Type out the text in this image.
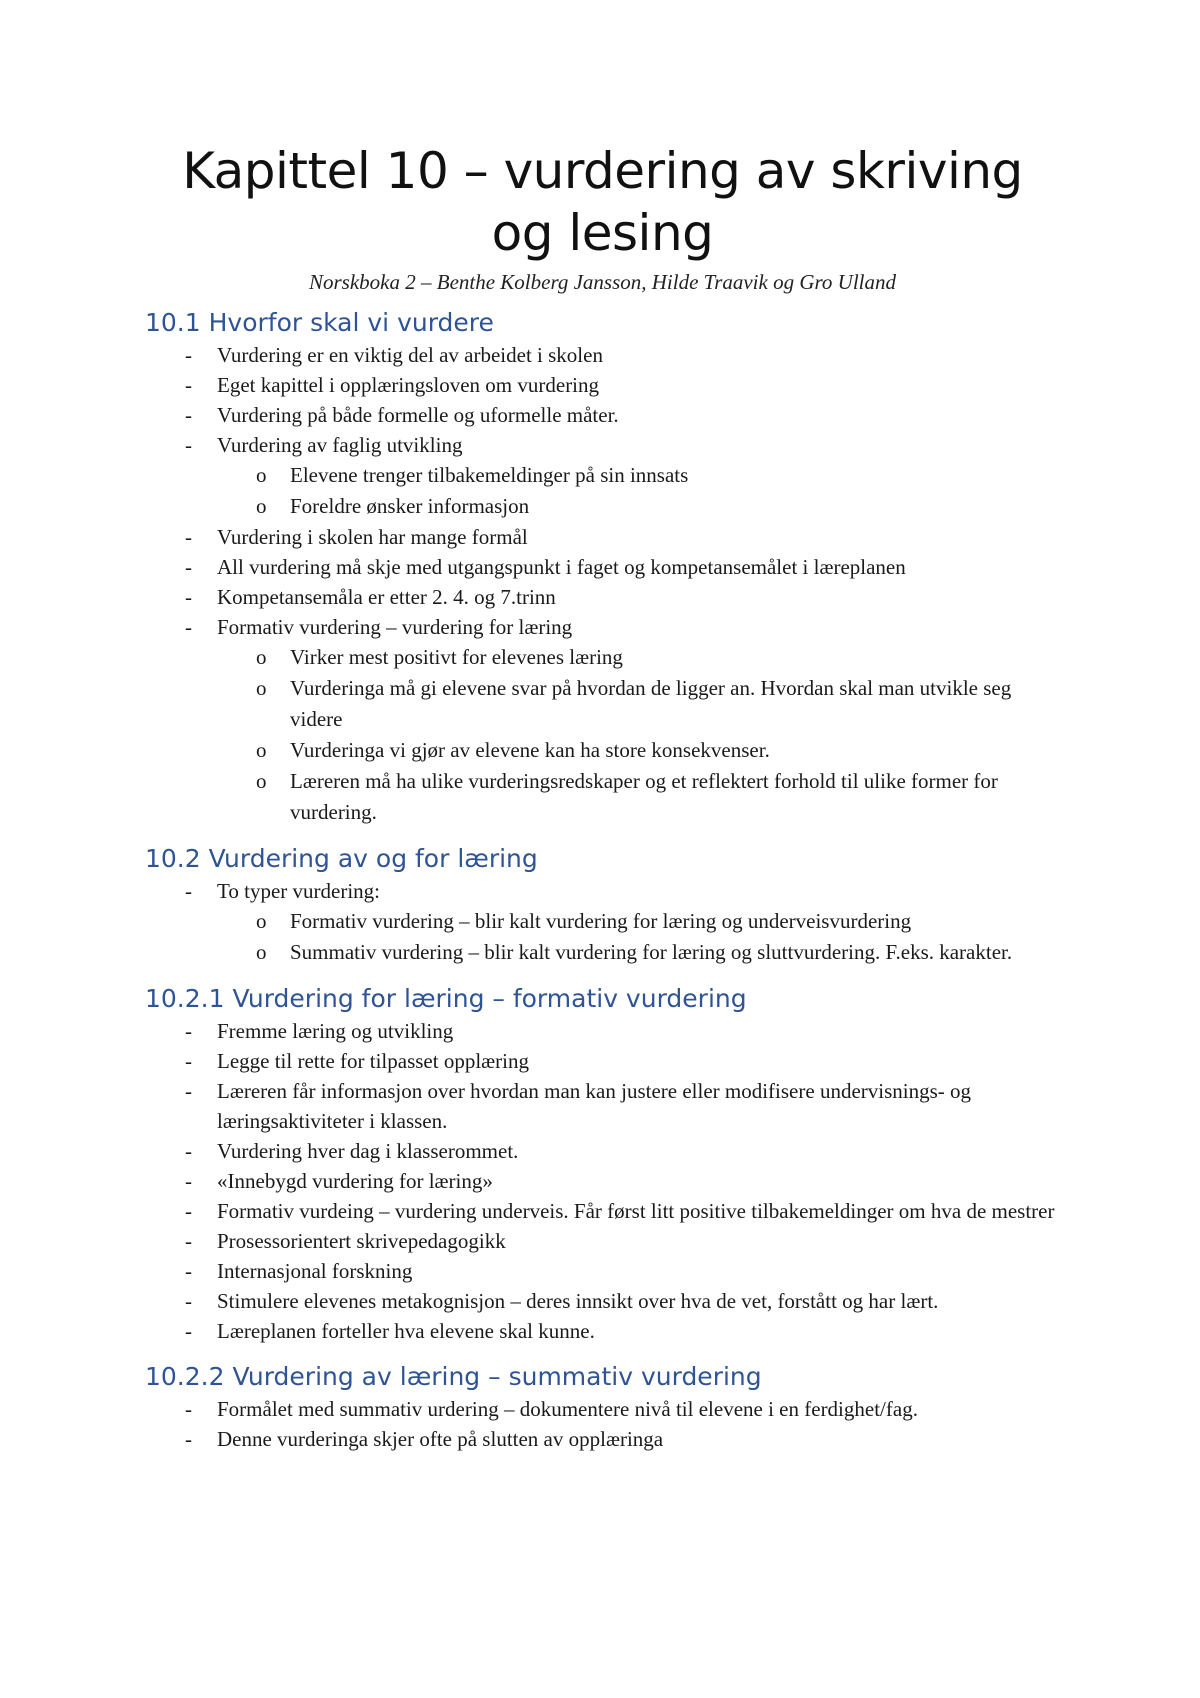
Kapittel 10 – vurdering av skriving og lesing
Norskboka 2 – Benthe Kolberg Jansson, Hilde Traavik og Gro Ulland
10.1 Hvorfor skal vi vurdere
- Vurdering er en viktig del av arbeidet i skolen
- Eget kapittel i opplæringsloven om vurdering
- Vurdering på både formelle og uformelle måter.
- Vurdering av faglig utvikling
o Elevene trenger tilbakemeldinger på sin innsats
o Foreldre ønsker informasjon
- Vurdering i skolen har mange formål
- All vurdering må skje med utgangspunkt i faget og kompetansemålet i læreplanen
- Kompetansemåla er etter 2. 4. og 7.trinn
- Formativ vurdering – vurdering for læring
o Virker mest positivt for elevenes læring
o Vurderinga må gi elevene svar på hvordan de ligger an. Hvordan skal man utvikle seg videre
o Vurderinga vi gjør av elevene kan ha store konsekvenser.
o Læreren må ha ulike vurderingsredskaper og et reflektert forhold til ulike former for vurdering.
10.2 Vurdering av og for læring
- To typer vurdering:
o Formativ vurdering – blir kalt vurdering for læring og underveisvurdering
o Summativ vurdering – blir kalt vurdering for læring og sluttvurdering. F.eks. karakter.
10.2.1 Vurdering for læring – formativ vurdering
- Fremme læring og utvikling
- Legge til rette for tilpasset opplæring
- Læreren får informasjon over hvordan man kan justere eller modifisere undervisnings- og læringsaktiviteter i klassen.
- Vurdering hver dag i klasserommet.
- «Innebygd vurdering for læring»
- Formativ vurdeing – vurdering underveis. Får først litt positive tilbakemeldinger om hva de mestrer
- Prosessorientert skrivepedagogikk
- Internasjonal forskning
- Stimulere elevenes metakognisjon – deres innsikt over hva de vet, forstått og har lært.
- Læreplanen forteller hva elevene skal kunne.
10.2.2 Vurdering av læring – summativ vurdering
- Formålet med summativ urdering – dokumentere nivå til elevene i en ferdighet/fag.
- Denne vurderinga skjer ofte på slutten av opplæringa
